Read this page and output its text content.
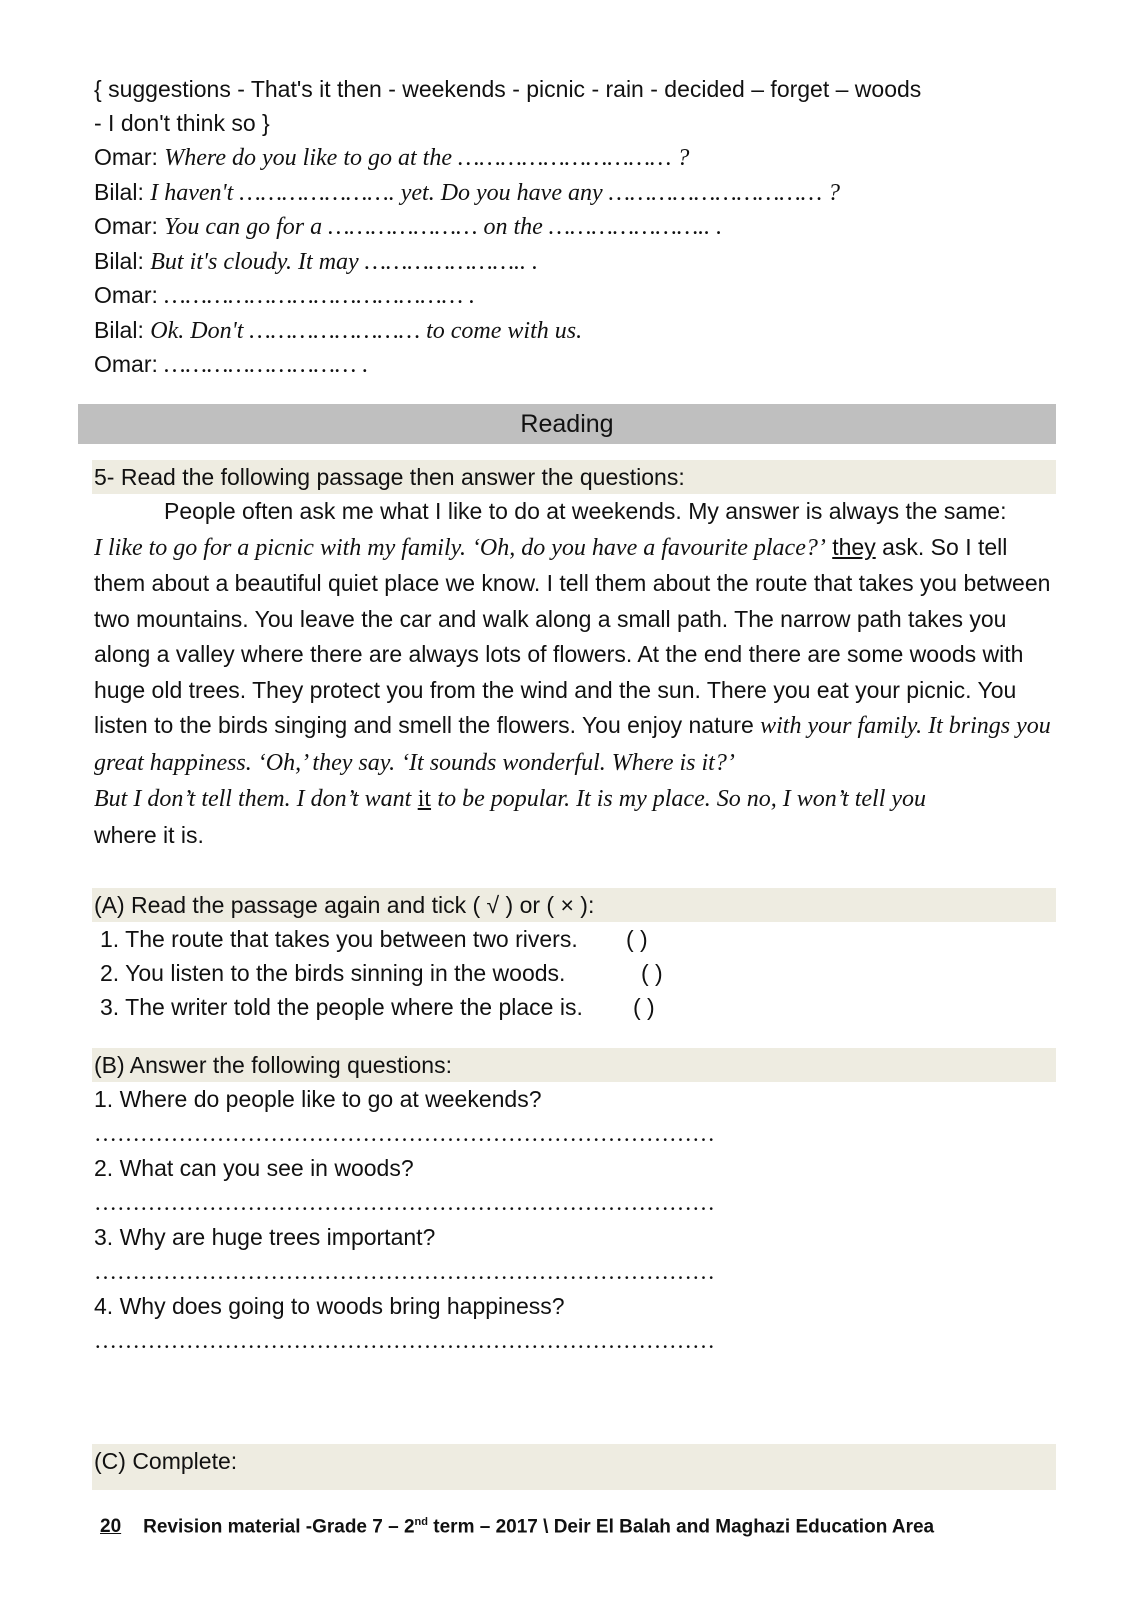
{ suggestions - That's it then - weekends - picnic - rain - decided – forget – woods
- I don't think so }
Omar: Where do you like to go at the ………………………… ?
Bilal: I haven't …………………. yet. Do you have any ………………………… ?
Omar: You can go for a ………………… on the ………………….. .
Bilal: But it's cloudy. It may ………………….. .
Omar: …………………………………… .
Bilal: Ok. Don't …………………… to come with us.
Omar: ……………………… .
Reading
5- Read the following passage then answer the questions:

People often ask me what I like to do at weekends. My answer is always the same:

I like to go for a picnic with my family. ‘Oh, do you have a favourite place?’ they ask. So I tell them about a beautiful quiet place we know. I tell them about the route that takes you between two mountains. You leave the car and walk along a small path. The narrow path takes you along a valley where there are always lots of flowers. At the end there are some woods with huge old trees. They protect you from the wind and the sun. There you eat your picnic. You listen to the birds singing and smell the flowers. You enjoy nature with your family. It brings you great happiness. ‘Oh,’ they say. ‘It sounds wonderful. Where is it?’

But I don’t tell them. I don’t want it to be popular. It is my place. So no, I won’t tell you
where it is.

(A) Read the passage again and tick ( √ ) or ( × ):
1. The route that takes you between two rivers. ( )
2. You listen to the birds sinning in the woods.	( )
3. The writer told the people where the place is. ( )
(B) Answer the following questions:
1. Where do people like to go at weekends?
………………………………………………………………………
2. What can you see in woods?
………………………………………………………………………
3. Why are huge trees important?
………………………………………………………………………
4. Why does going to woods bring happiness?
………………………………………………………………………
(C) Complete:
20 Revision material -Grade 7 – 2nd term – 2017 \ Deir El Balah and Maghazi Education Area
